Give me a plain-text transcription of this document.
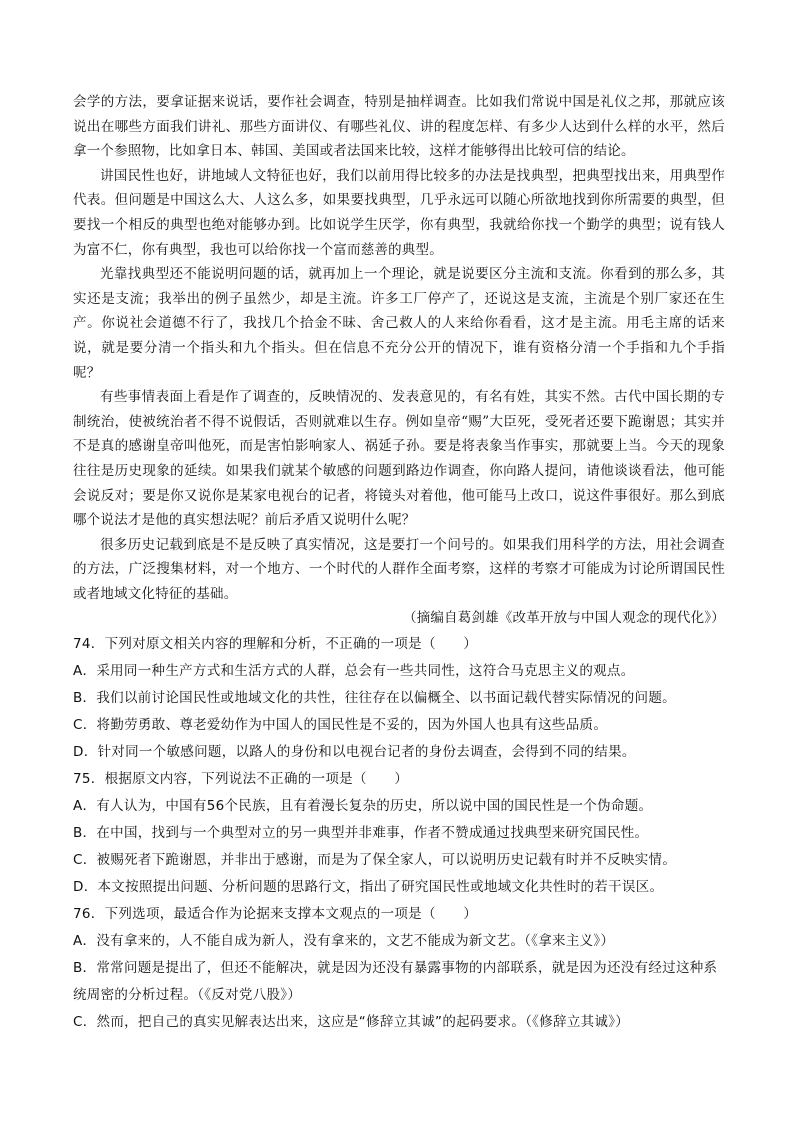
会学的方法，要拿证据来说话，要作社会调查，特别是抽样调查。比如我们常说中国是礼仪之邦，那就应该说出在哪些方面我们讲礼、那些方面讲仪、有哪些礼仪、讲的程度怎样、有多少人达到什么样的水平，然后拿一个参照物，比如拿日本、韩国、美国或者法国来比较，这样才能够得出比较可信的结论。

讲国民性也好，讲地域人文特征也好，我们以前用得比较多的办法是找典型，把典型找出来，用典型作代表。但问题是中国这么大、人这么多，如果要找典型，几乎永远可以随心所欲地找到你所需要的典型，但要找一个相反的典型也绝对能够办到。比如说学生厌学，你有典型，我就给你找一个勤学的典型；说有钱人为富不仁，你有典型，我也可以给你找一个富而慈善的典型。

光靠找典型还不能说明问题的话，就再加上一个理论，就是说要区分主流和支流。你看到的那么多，其实还是支流；我举出的例子虽然少，却是主流。许多工厂停产了，还说这是支流，主流是个别厂家还在生产。你说社会道德不行了，我找几个拾金不昧、舍己救人的人来给你看看，这才是主流。用毛主席的话来说，就是要分清一个指头和九个指头。但在信息不充分公开的情况下，谁有资格分清一个手指和九个手指呢？

有些事情表面上看是作了调查的，反映情况的、发表意见的，有名有姓，其实不然。古代中国长期的专制统治，使被统治者不得不说假话，否则就难以生存。例如皇帝“赐”大臣死，受死者还要下跪谢恩；其实并不是真的感谢皇帝叫他死，而是害怕影响家人、祸延子孙。要是将表象当作事实，那就要上当。今天的现象往往是历史现象的延续。如果我们就某个敏感的问题到路边作调查，你向路人提问，请他谈谈看法，他可能会说反对；要是你又说你是某家电视台的记者，将镜头对着他，他可能马上改口，说这件事很好。那么到底哪个说法才是他的真实想法呢？前后矛盾又说明什么呢？

很多历史记载到底是不是反映了真实情况，这是要打一个问号的。如果我们用科学的方法，用社会调查的方法，广泛搜集材料，对一个地方、一个时代的人群作全面考察，这样的考察才可能成为讨论所谓国民性或者地域文化特征的基础。

（摘编自葛剑雄《改革开放与中国人观念的现代化》）

74．下列对原文相关内容的理解和分析，不正确的一项是（　　）

A．采用同一种生产方式和生活方式的人群，总会有一些共同性，这符合马克思主义的观点。

B．我们以前讨论国民性或地域文化的共性，往往存在以偏概全、以书面记载代替实际情况的问题。

C．将勤劳勇敢、尊老爱幼作为中国人的国民性是不妥的，因为外国人也具有这些品质。

D．针对同一个敏感问题，以路人的身份和以电视台记者的身份去调查，会得到不同的结果。

75．根据原文内容，下列说法不正确的一项是（　　）

A．有人认为，中国有56个民族，且有着漫长复杂的历史，所以说中国的国民性是一个伪命题。

B．在中国，找到与一个典型对立的另一典型并非难事，作者不赞成通过找典型来研究国民性。

C．被赐死者下跪谢恩，并非出于感谢，而是为了保全家人，可以说明历史记载有时并不反映实情。

D．本文按照提出问题、分析问题的思路行文，指出了研究国民性或地域文化共性时的若干误区。

76．下列选项，最适合作为论据来支撑本文观点的一项是（　　）

A．没有拿来的，人不能自成为新人，没有拿来的，文艺不能成为新文艺。（《拿来主义》）

B．常常问题是提出了，但还不能解决，就是因为还没有暴露事物的内部联系，就是因为还没有经过这种系统周密的分析过程。（《反对党八股》）

C．然而，把自己的真实见解表达出来，这应是“修辞立其诚”的起码要求。（《修辞立其诚》）
